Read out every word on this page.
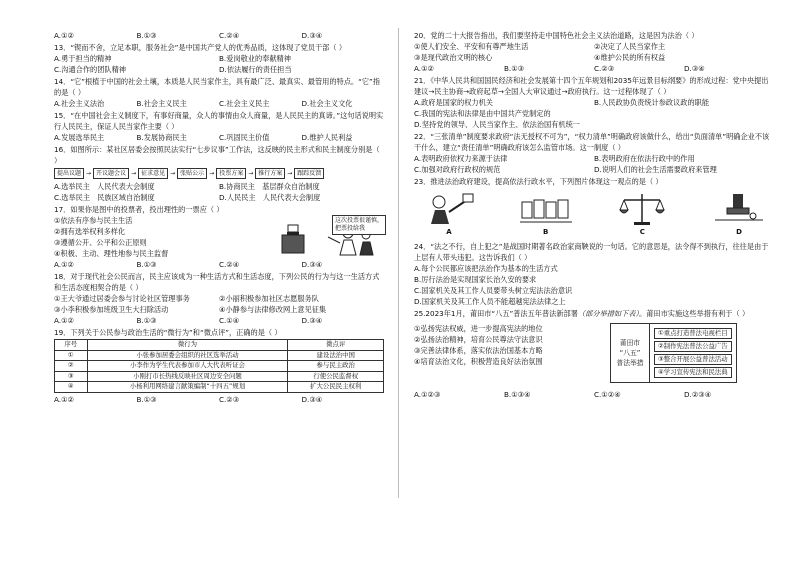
A.①②	B.①③	C.②④	D.③④
13．“锲而不舍，立足本职，服务社会”是中国共产党人的优秀品质，这体现了党员干部（ ）
A.勇于担当的精神	B.爱岗敬业的奉献精神
C.沟通合作的团队精神	D.依法履行的责任担当
14．“它”根植于中国的社会土壤，本质是人民当家作主，具有最广泛、最真实、最管用的特点。“它”指的是（ ）
A.社会主义法治	B.社会主义民主	C.社会主义民主	D.社会主义文化
15．“在中国社会主义制度下，有事好商量，众人的事情由众人商量，是人民民主的真谛。”这句话说明实行人民民主，保证人民当家作主要（ ）
A.发展选举民主	B.发展协商民主	C.巩固民主价值	D.维护人民利益
16．如图所示：某社区居委会按照民法实行“七步议事”工作法，这反映的民主形式和民主制度分别是（ ）
提出议题 → 开议题会议 → 征求意见 → 张贴公示 → 投票方案 → 推行方案 → 跟踪反馈
A.选举民主　人民代表大会制度	B.协商民主　基层群众自治制度
C.选举民主　民族区域自治制度	D.人民民主　人民代表大会制度
17．如果你是图中的投票者，投出理性的一票应（ ）
①依法有序参与民主生活
②拥有选举权利多样化
③遵循公开、公平和公正原则
④积极、主动、理性地参与民主监督
这次投票很谨慎，把票投给我
A.①②	B.①③	C.②④	D.③④
18．对于现代社会公民而言，民主应该成为一种生活方式和生活态度，下列公民的行为与这一生活方式和生活态度相契合的是（ ）
①王大爷通过居委会参与讨论社区管理事务	②小丽积极参加社区志愿服务队
③小李积极参加班级卫生大扫除活动	④小静参与法律修改网上意见征集
A.①②	B.①③	C.①④	D.③④
19．下列关于公民参与政治生活的“微行为”和“微点评”，正确的是（ ）
序号	微行为	微点评
①	小张参加居委会组织的社区选举活动	建设法治中国
②	小李作为学生代表参加市人大代表听证会	参与民主政治
③	小刚打市长热线反映社区周边安全问题	行使公民监督权
④	小杨利用网络建言献策编制“十四五”规划	扩大公民民主权利
A.①②	B.①③	C.②③	D.③④
20．党的二十大报告指出，我们要坚持走中国特色社会主义法治道路，这是因为法治（ ）
①使人们安全、平安和有尊严地生活	②决定了人民当家作主
③是现代政治文明的核心	④维护公民的所有权益
A.①②	B.①③	C.②③	D.③④
21．《中华人民共和国国民经济和社会发展第十四个五年规划和2035年远景目标纲要》的形成过程：党中央提出建议→民主协商→政府起草→全国人大审议通过→政府执行。这一过程体现了（ ）
A.政府是国家的权力机关	B.人民政协负责统计参政议政的职能
C.我国的宪法和法律是由中国共产党制定的
D.坚持党的领导、人民当家作主、依法治国有机统一
22．“三张清单”制度要求政府“法无授权不可为”，“权力清单”明确政府该做什么，给出“负面清单”明确企业不该干什么，建立“责任清单”明确政府该怎么监管市场。这一制度（ ）
A.表明政府依权力来源于法律	B.表明政府在依法行政中的作用
C.加强对政府行政权的规范	D.说明人们的社会生活需要政府来管理
23．推进法治政府建设，提高依法行政水平，下列图片体现这一观点的是（ ）
A	B	C	D
24．“法之不行，自上犯之”是战国时期著名政治家商鞅说的一句话。它的意思是，法令得不到执行，往往是由于上层有人带头违犯。这告诉我们（ ）
A.每个公民都应该把法治作为基本的生活方式
B.厉行法治是实现国家长治久安的要求
C.国家机关及其工作人员要带头树立宪法法治意识
D.国家机关及其工作人员不能超越宪法法律之上
25.2023年1月，莆田市“八五”普法五年普法新部署（部分举措如下表）。莆田市实施这些举措有利于（ ）
①弘扬宪法权威，进一步提高宪法的地位
②弘扬法治精神，培育公民尊法守法意识
③完善法律体系，落实依法治国基本方略
④培育法治文化，积极营造良好法治氛围
莆田市
“八五”
普法举措
①重点打造普法电视栏目
②制作宪法普法公益广告
③整合开展公益普法活动
④学习宣传宪法和民法典
A.①②③	B.①③④	C.①②④	D.②③④
